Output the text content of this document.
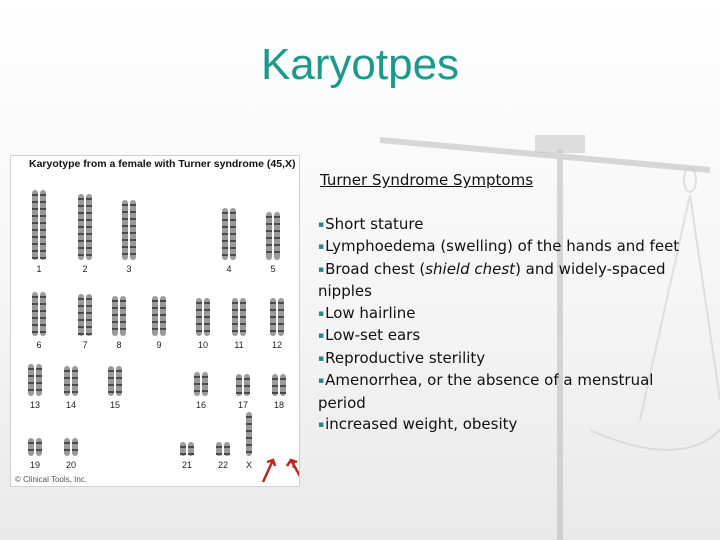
Karyotpes
Karyotype from a female with Turner syndrome (45,X)
1	2	3	4	5
6	7	8	9	10	11	12
13	14	15	16	17	18
19	20	21	22 X	Y
© Clinical Tools, Inc.
Turner Syndrome Symptoms
▪Short stature
▪Lymphoedema (swelling) of the hands and feet
▪Broad chest (shield chest) and widely-spaced nipples
▪Low hairline
▪Low-set ears
▪Reproductive sterility
▪Amenorrhea, or the absence of a menstrual period
▪increased weight, obesity
